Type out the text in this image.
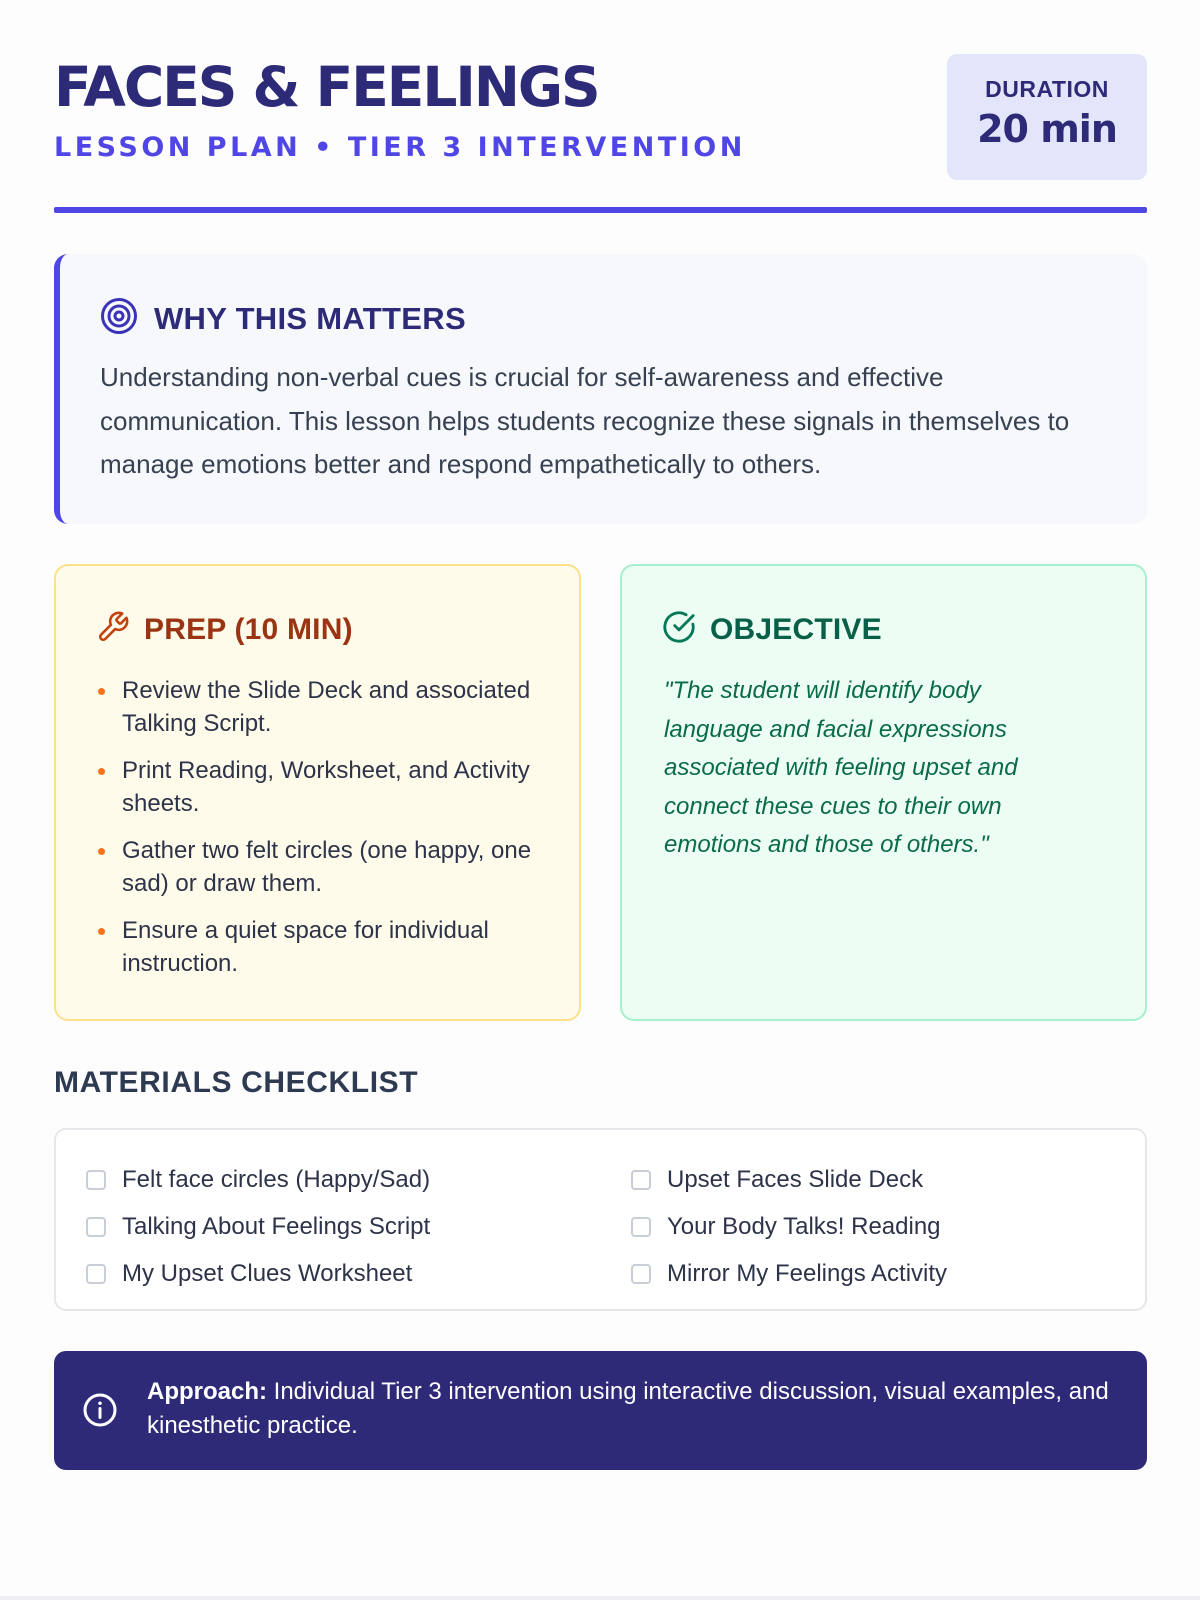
FACES & FEELINGS
LESSON PLAN • TIER 3 INTERVENTION
DURATION
20 min
WHY THIS MATTERS

Understanding non-verbal cues is crucial for self-awareness and effective communication. This lesson helps students recognize these signals in themselves to manage emotions better and respond empathetically to others.

PREP (10 MIN)
Review the Slide Deck and associated Talking Script.
Print Reading, Worksheet, and Activity sheets.
Gather two felt circles (one happy, one sad) or draw them.
Ensure a quiet space for individual instruction.
OBJECTIVE

"The student will identify body language and facial expressions associated with feeling upset and connect these cues to their own emotions and those of others."

MATERIALS CHECKLIST
Felt face circles (Happy/Sad)
Talking About Feelings Script
My Upset Clues Worksheet
Upset Faces Slide Deck
Your Body Talks! Reading
Mirror My Feelings Activity

Approach: Individual Tier 3 intervention using interactive discussion, visual examples, and kinesthetic practice.
